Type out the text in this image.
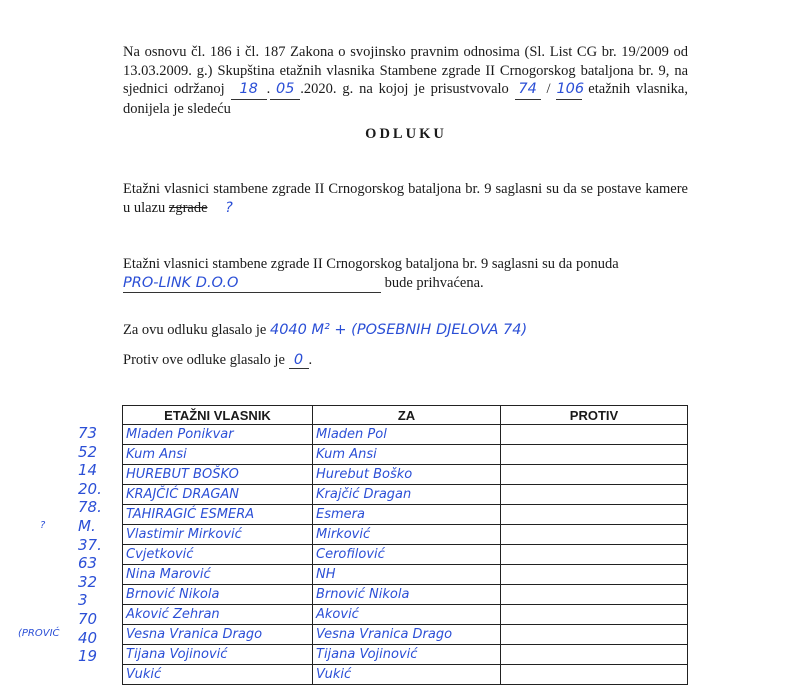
Na osnovu čl. 186 i čl. 187 Zakona o svojinsko pravnim odnosima (Sl. List CG br. 19/2009 od 13.03.2009. g.) Skupština etažnih vlasnika Stambene zgrade II Crnogorskog bataljona br. 9, na sjednici održanoj 18 . 05 .2020. g. na kojoj je prisustvovalo 74 / 106 etažnih vlasnika, donijela je sledeću
ODLUKU
Etažni vlasnici stambene zgrade II Crnogorskog bataljona br. 9 saglasni su da se postave kamere u ulazu zgrade ?
Etažni vlasnici stambene zgrade II Crnogorskog bataljona br. 9 saglasni su da ponuda
PRO-LINK D.O.O	bude prihvaćena.
Za ovu odluku glasalo je 4040 M² + (POSEBNIH DJELOVA 74)
Protiv ove odluke glasalo je 0 .
?
(PROVIĆ
ETAŽNI VLASNIK	ZA	PROTIV
Mladen Ponikvar	Mladen Pol	
Kum Ansi	Kum Ansi	
HUREBUT BOŠKO	Hurebut Boško	
KRAJČIĆ DRAGAN	Krajčić Dragan	
TAHIRAGIĆ ESMERA	Esmera	
Vlastimir Mirković	Mirković	
Cvjetković	Cerofilović	
Nina Marović	NH	
Brnović Nikola	Brnović Nikola	
Aković Zehran	Aković	
Vesna Vranica Drago	Vesna Vranica Drago	
Tijana Vojinović	Tijana Vojinović	
Vukić	Vukić	
73
52
14
20.
78.
M.
37.
63
32
3
70
40
19
